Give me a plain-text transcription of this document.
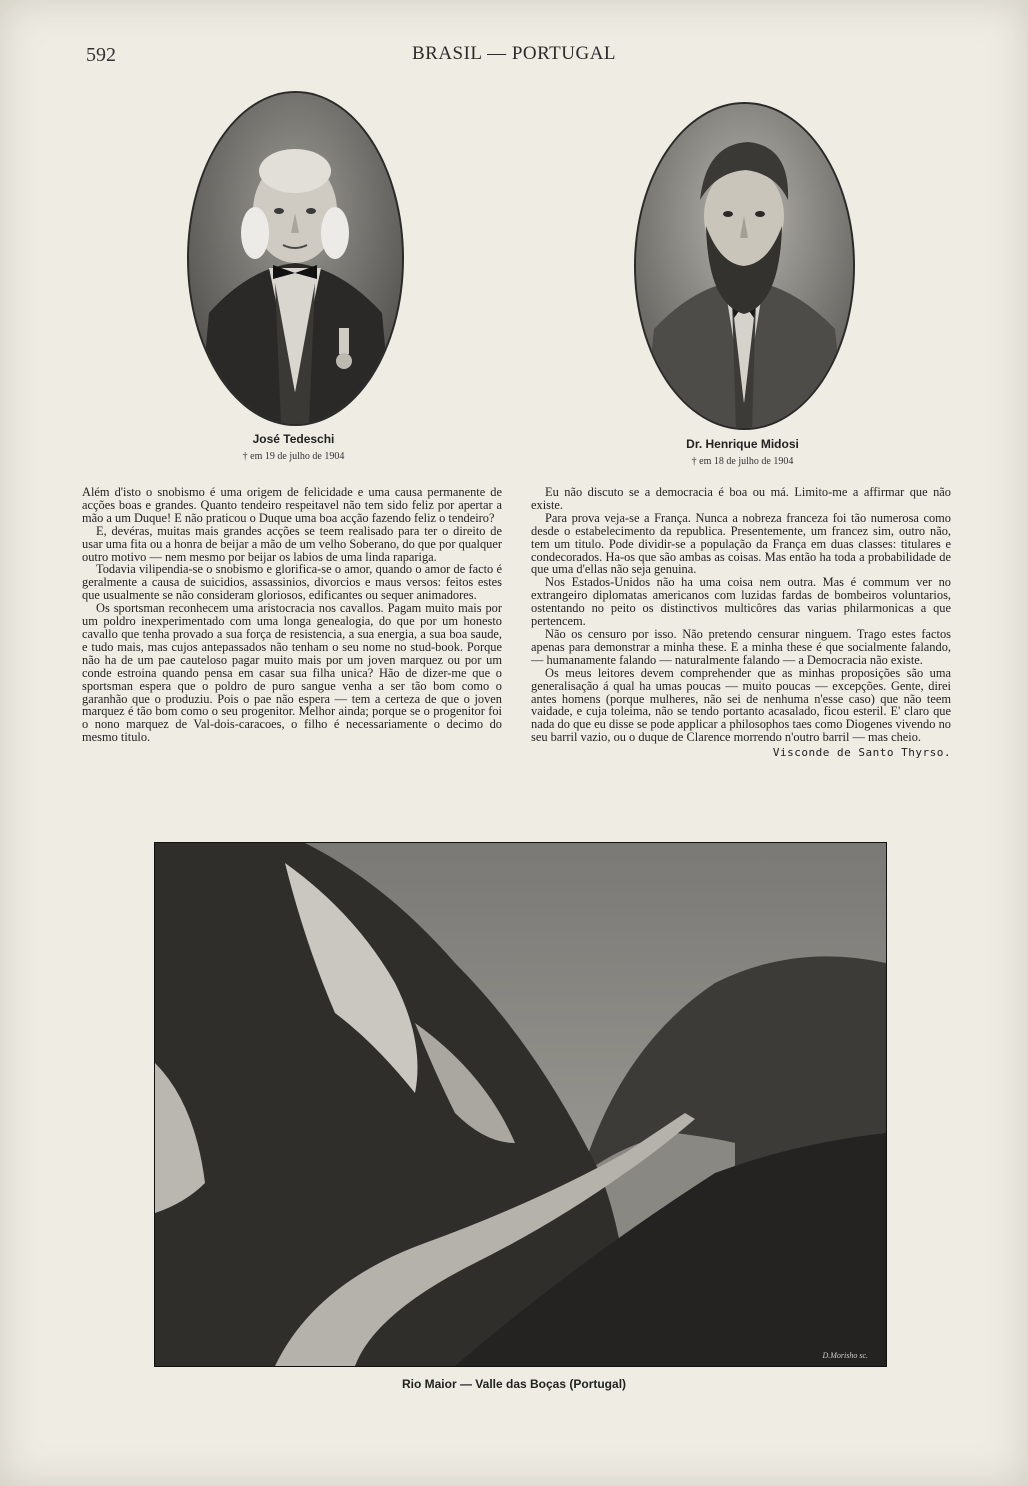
592	BRASIL — PORTUGAL
José Tedeschi
† em 19 de julho de 1904
Dr. Henrique Midosi
† em 18 de julho de 1904

Além d'isto o snobismo é uma origem de felicidade e uma causa permanente de acções boas e grandes. Quanto tendeiro respeitavel não tem sido feliz por apertar a mão a um Duque! E não praticou o Duque uma boa acção fazendo feliz o tendeiro?

E, devéras, muitas mais grandes acções se teem realisado para ter o direito de usar uma fita ou a honra de beijar a mão de um velho Soberano, do que por qualquer outro motivo — nem mesmo por beijar os labios de uma linda rapariga.

Todavia vilipendia-se o snobismo e glorifica-se o amor, quando o amor de facto é geralmente a causa de suicidios, assassinios, divorcios e maus versos: feitos estes que usualmente se não consideram gloriosos, edificantes ou sequer animadores.

Os sportsman reconhecem uma aristocracia nos cavallos. Pagam muito mais por um poldro inexperimentado com uma longa genealogia, do que por um honesto cavallo que tenha provado a sua força de resistencia, a sua energia, a sua boa saude, e tudo mais, mas cujos antepassados não tenham o seu nome no stud-book. Porque não ha de um pae cauteloso pagar muito mais por um joven marquez ou por um conde estroina quando pensa em casar sua filha unica? Hão de dizer-me que o sportsman espera que o poldro de puro sangue venha a ser tão bom como o garanhão que o produziu. Pois o pae não espera — tem a certeza de que o joven marquez é tão bom como o seu progenitor. Melhor ainda; porque se o progenitor foi o nono marquez de Val-dois-caracoes, o filho é necessariamente o decimo do mesmo titulo.

Eu não discuto se a democracia é boa ou má. Limito-me a affirmar que não existe.

Para prova veja-se a França. Nunca a nobreza franceza foi tão numerosa como desde o estabelecimento da republica. Presentemente, um francez sim, outro não, tem um titulo. Pode dividir-se a população da França em duas classes: titulares e condecorados. Ha-os que são ambas as coisas. Mas então ha toda a probabilidade de que uma d'ellas não seja genuina.

Nos Estados-Unidos não ha uma coisa nem outra. Mas é commum ver no extrangeiro diplomatas americanos com luzidas fardas de bombeiros voluntarios, ostentando no peito os distinctivos multicôres das varias philarmonicas a que pertencem.

Não os censuro por isso. Não pretendo censurar ninguem. Trago estes factos apenas para demonstrar a minha these. E a minha these é que socialmente falando, — humanamente falando — naturalmente falando — a Democracia não existe.

Os meus leitores devem comprehender que as minhas proposições são uma generalisação á qual ha umas poucas — muito poucas — excepções. Gente, direi antes homens (porque mulheres, não sei de nenhuma n'esse caso) que não teem vaidade, e cuja toleima, não se tendo portanto acasalado, ficou esteril. E' claro que nada do que eu disse se pode applicar a philosophos taes como Diogenes vivendo no seu barril vazio, ou o duque de Clarence morrendo n'outro barril — mas cheio.

Visconde de Santo Thyrso.

D.Morisho sc.
Rio Maior — Valle das Boças (Portugal)
